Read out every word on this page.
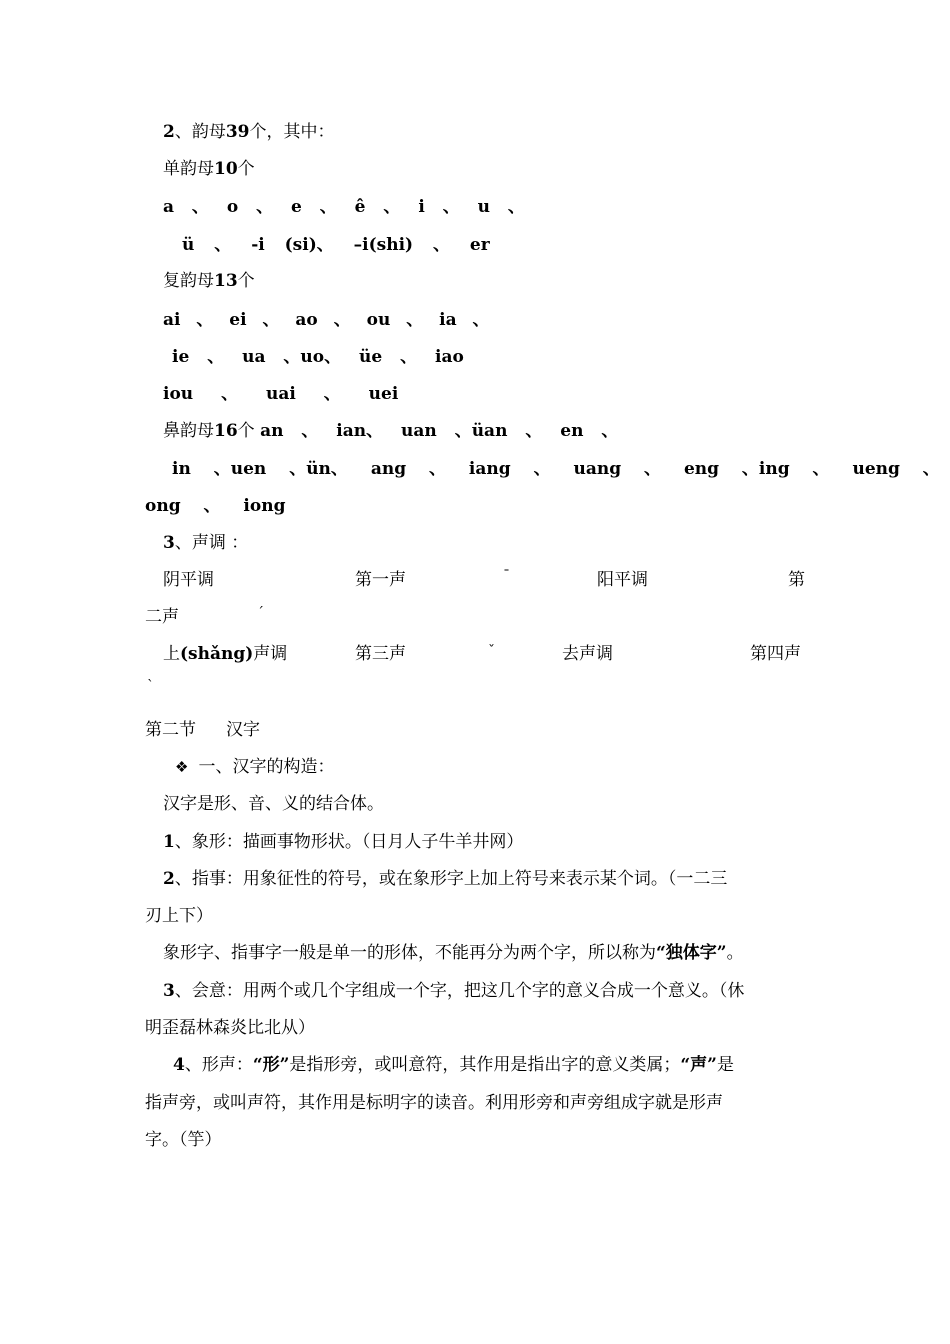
2、韵母39个，其中：
单韵母10个
a 、 o 、 e 、 ê 、 i 、 u 、
ü 、 -i (si)、 –i(shi) 、 er
复韵母13个
ai 、 ei 、 ao 、 ou 、 ia 、
ie 、 ua 、uo、 üe 、 iao
iou 、 uai 、 uei
鼻韵母16个 an 、 ian、 uan 、üan 、 en 、
in 、uen 、ün、 ang 、 iang 、 uang 、 eng 、ing 、 ueng 、
ong 、 iong
3、声调 ：
阴平调	第一声	ˉ	阳平调	第
二声	ˊ
上(shǎng)声调	第三声	ˇ	去声调	第四声
ˋ
第二节 汉字
❖ 一、汉字的构造：
汉字是形、音、义的结合体。
1、象形：描画事物形状。（日月人子牛羊井网）
2、指事：用象征性的符号，或在象形字上加上符号来表示某个词。（一二三
刃上下）
象形字、指事字一般是单一的形体，不能再分为两个字，所以称为“独体字”。
3、会意：用两个或几个字组成一个字，把这几个字的意义合成一个意义。（休
明歪磊林森炎比北从）
4、形声：“形”是指形旁，或叫意符，其作用是指出字的意义类属；“声”是
指声旁，或叫声符，其作用是标明字的读音。利用形旁和声旁组成字就是形声
字。（竽）
